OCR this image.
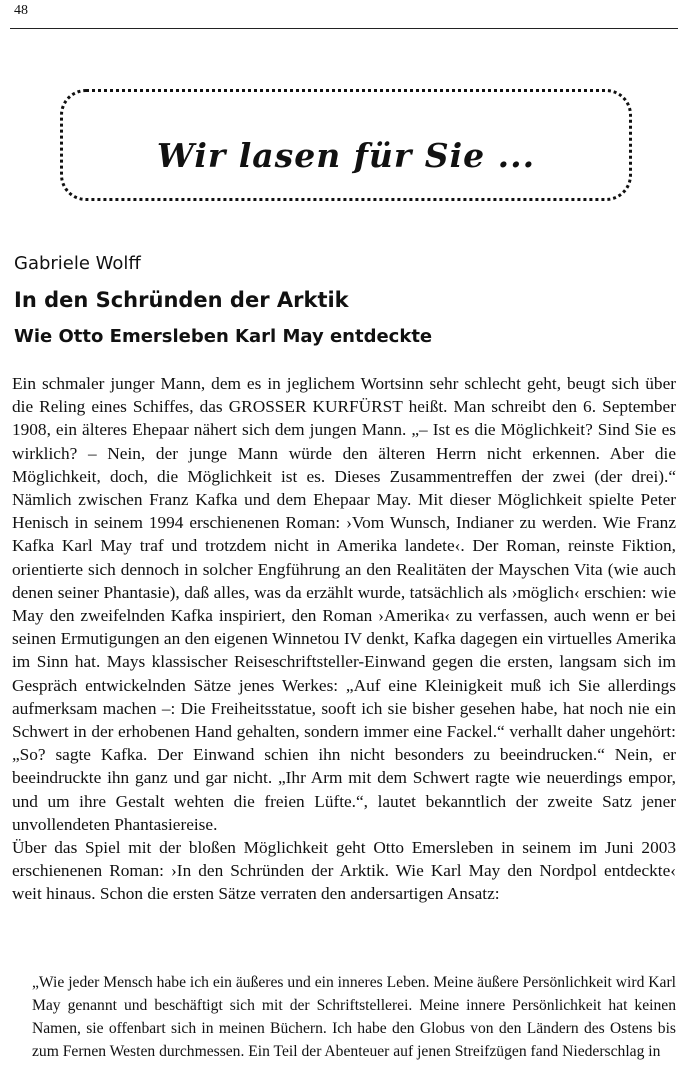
48
Wir lasen für Sie ...
Gabriele Wolff
In den Schründen der Arktik
Wie Otto Emersleben Karl May entdeckte

Ein schmaler junger Mann, dem es in jeglichem Wortsinn sehr schlecht geht, beugt sich über die Reling eines Schiffes, das GROSSER KURFÜRST heißt. Man schreibt den 6. September 1908, ein älteres Ehepaar nähert sich dem jungen Mann. „– Ist es die Möglichkeit? Sind Sie es wirklich? – Nein, der junge Mann würde den älteren Herrn nicht erkennen. Aber die Möglichkeit, doch, die Möglichkeit ist es. Dieses Zusammentreffen der zwei (der drei).“ Nämlich zwischen Franz Kafka und dem Ehepaar May. Mit dieser Möglichkeit spielte Peter Henisch in seinem 1994 erschienenen Roman: ›Vom Wunsch, Indianer zu werden. Wie Franz Kafka Karl May traf und trotzdem nicht in Amerika landete‹. Der Roman, reinste Fiktion, orientierte sich dennoch in solcher Engführung an den Realitäten der Mayschen Vita (wie auch denen seiner Phantasie), daß alles, was da erzählt wurde, tatsächlich als ›möglich‹ erschien: wie May den zweifelnden Kafka inspiriert, den Roman ›Amerika‹ zu verfassen, auch wenn er bei seinen Ermutigungen an den eigenen Winnetou IV denkt, Kafka dagegen ein virtuelles Amerika im Sinn hat. Mays klassischer Reiseschriftsteller-Einwand gegen die ersten, langsam sich im Gespräch entwickelnden Sätze jenes Werkes: „Auf eine Kleinigkeit muß ich Sie allerdings aufmerksam machen –: Die Freiheitsstatue, sooft ich sie bisher gesehen habe, hat noch nie ein Schwert in der erhobenen Hand gehalten, sondern immer eine Fackel.“ verhallt daher ungehört: „So? sagte Kafka. Der Einwand schien ihn nicht besonders zu beeindrucken.“ Nein, er beeindruckte ihn ganz und gar nicht. „Ihr Arm mit dem Schwert ragte wie neuerdings empor, und um ihre Gestalt wehten die freien Lüfte.“, lautet bekanntlich der zweite Satz jener unvollendeten Phantasiereise.

Über das Spiel mit der bloßen Möglichkeit geht Otto Emersleben in seinem im Juni 2003 erschienenen Roman: ›In den Schründen der Arktik. Wie Karl May den Nordpol entdeckte‹ weit hinaus. Schon die ersten Sätze verraten den andersartigen Ansatz:

„Wie jeder Mensch habe ich ein äußeres und ein inneres Leben. Meine äußere Persönlichkeit wird Karl May genannt und beschäftigt sich mit der Schriftstellerei. Meine innere Persönlichkeit hat keinen Namen, sie offenbart sich in meinen Büchern. Ich habe den Globus von den Ländern des Ostens bis zum Fernen Westen durchmessen. Ein Teil der Abenteuer auf jenen Streifzügen fand Niederschlag in
